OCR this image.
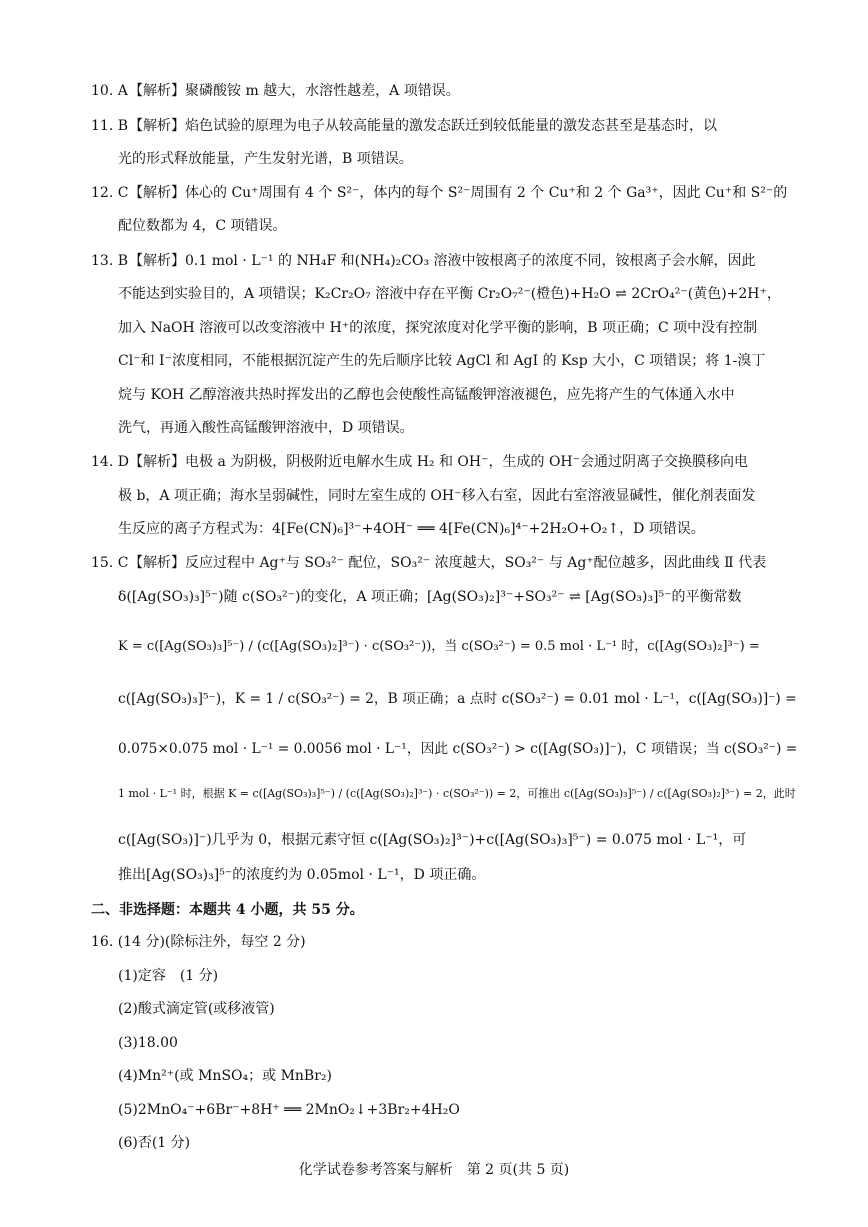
10. A【解析】聚磷酸铵 m 越大，水溶性越差，A 项错误。
11. B【解析】焰色试验的原理为电子从较高能量的激发态跃迁到较低能量的激发态甚至是基态时，以
光的形式释放能量，产生发射光谱，B 项错误。
12. C【解析】体心的 Cu⁺周围有 4 个 S²⁻，体内的每个 S²⁻周围有 2 个 Cu⁺和 2 个 Ga³⁺，因此 Cu⁺和 S²⁻的
配位数都为 4，C 项错误。
13. B【解析】0.1 mol · L⁻¹ 的 NH₄F 和(NH₄)₂CO₃ 溶液中铵根离子的浓度不同，铵根离子会水解，因此
不能达到实验目的，A 项错误；K₂Cr₂O₇ 溶液中存在平衡 Cr₂O₇²⁻(橙色)+H₂O ⇌ 2CrO₄²⁻(黄色)+2H⁺，
加入 NaOH 溶液可以改变溶液中 H⁺的浓度，探究浓度对化学平衡的影响，B 项正确；C 项中没有控制
Cl⁻和 I⁻浓度相同，不能根据沉淀产生的先后顺序比较 AgCl 和 AgI 的 Ksp 大小，C 项错误；将 1-溴丁
烷与 KOH 乙醇溶液共热时挥发出的乙醇也会使酸性高锰酸钾溶液褪色，应先将产生的气体通入水中
洗气，再通入酸性高锰酸钾溶液中，D 项错误。
14. D【解析】电极 a 为阴极，阴极附近电解水生成 H₂ 和 OH⁻，生成的 OH⁻会通过阴离子交换膜移向电
极 b，A 项正确；海水呈弱碱性，同时左室生成的 OH⁻移入右室，因此右室溶液显碱性，催化剂表面发
生反应的离子方程式为：4[Fe(CN)₆]³⁻+4OH⁻ ══ 4[Fe(CN)₆]⁴⁻+2H₂O+O₂↑，D 项错误。
15. C【解析】反应过程中 Ag⁺与 SO₃²⁻ 配位，SO₃²⁻ 浓度越大，SO₃²⁻ 与 Ag⁺配位越多，因此曲线 Ⅱ 代表
δ([Ag(SO₃)₃]⁵⁻)随 c(SO₃²⁻)的变化，A 项正确；[Ag(SO₃)₂]³⁻+SO₃²⁻ ⇌ [Ag(SO₃)₃]⁵⁻的平衡常数
K = c([Ag(SO₃)₃]⁵⁻) / (c([Ag(SO₃)₂]³⁻) · c(SO₃²⁻))，当 c(SO₃²⁻) = 0.5 mol · L⁻¹ 时，c([Ag(SO₃)₂]³⁻) =
c([Ag(SO₃)₃]⁵⁻)，K = 1 / c(SO₃²⁻) = 2，B 项正确；a 点时 c(SO₃²⁻) = 0.01 mol · L⁻¹，c([Ag(SO₃)]⁻) =
0.075×0.075 mol · L⁻¹ = 0.0056 mol · L⁻¹，因此 c(SO₃²⁻) > c([Ag(SO₃)]⁻)，C 项错误；当 c(SO₃²⁻) =
1 mol · L⁻¹ 时，根据 K = c([Ag(SO₃)₃]⁵⁻) / (c([Ag(SO₃)₂]³⁻) · c(SO₃²⁻)) = 2，可推出 c([Ag(SO₃)₃]⁵⁻) / c([Ag(SO₃)₂]³⁻) = 2，此时
c([Ag(SO₃)]⁻)几乎为 0，根据元素守恒 c([Ag(SO₃)₂]³⁻)+c([Ag(SO₃)₃]⁵⁻) = 0.075 mol · L⁻¹，可
推出[Ag(SO₃)₃]⁵⁻的浓度约为 0.05mol · L⁻¹，D 项正确。
二、非选择题：本题共 4 小题，共 55 分。
16. (14 分)(除标注外，每空 2 分)
(1)定容　(1 分)
(2)酸式滴定管(或移液管)
(3)18.00
(4)Mn²⁺(或 MnSO₄；或 MnBr₂)
(5)2MnO₄⁻+6Br⁻+8H⁺ ══ 2MnO₂↓+3Br₂+4H₂O
(6)否(1 分)
化学试卷参考答案与解析　第 2 页(共 5 页)
